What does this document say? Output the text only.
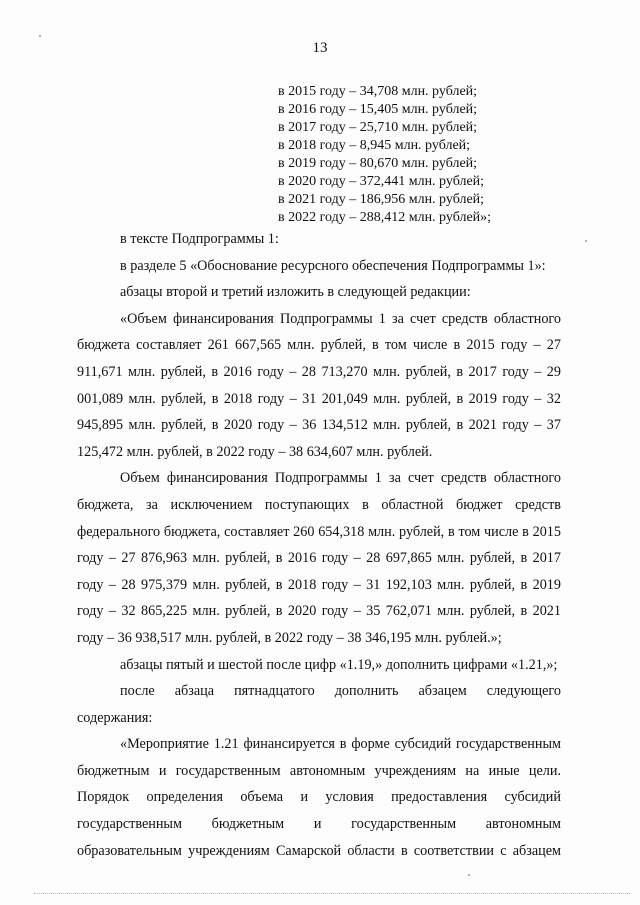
13
в 2015 году – 34,708 млн. рублей;
в 2016 году – 15,405 млн. рублей;
в 2017 году – 25,710 млн. рублей;
в 2018 году – 8,945 млн. рублей;
в 2019 году – 80,670 млн. рублей;
в 2020 году – 372,441 млн. рублей;
в 2021 году – 186,956 млн. рублей;
в 2022 году – 288,412 млн. рублей»;

в тексте Подпрограммы 1:

в разделе 5 «Обоснование ресурсного обеспечения Подпрограммы 1»:

абзацы второй и третий изложить в следующей редакции:

«Объем финансирования Подпрограммы 1 за счет средств областного бюджета составляет 261 667,565 млн. рублей, в том числе в 2015 году – 27 911,671 млн. рублей, в 2016 году – 28 713,270 млн. рублей, в 2017 году – 29 001,089 млн. рублей, в 2018 году – 31 201,049 млн. рублей, в 2019 году – 32 945,895 млн. рублей, в 2020 году – 36 134,512 млн. рублей, в 2021 году – 37 125,472 млн. рублей, в 2022 году – 38 634,607 млн. рублей.

Объем финансирования Подпрограммы 1 за счет средств областного бюджета, за исключением поступающих в областной бюджет средств федерального бюджета, составляет 260 654,318 млн. рублей, в том числе в 2015 году – 27 876,963 млн. рублей, в 2016 году – 28 697,865 млн. рублей, в 2017 году – 28 975,379 млн. рублей, в 2018 году – 31 192,103 млн. рублей, в 2019 году – 32 865,225 млн. рублей, в 2020 году – 35 762,071 млн. рублей, в 2021 году – 36 938,517 млн. рублей, в 2022 году – 38 346,195 млн. рублей.»;

абзацы пятый и шестой после цифр «1.19,» дополнить цифрами «1.21,»;

после абзаца пятнадцатого дополнить абзацем следующего

содержания:

«Мероприятие 1.21 финансируется в форме субсидий государственным бюджетным и государственным автономным учреждениям на иные цели. Порядок определения объема и условия предоставления субсидий государственным бюджетным и государственным автономным образовательным учреждениям Самарской области в соответствии с абзацем
